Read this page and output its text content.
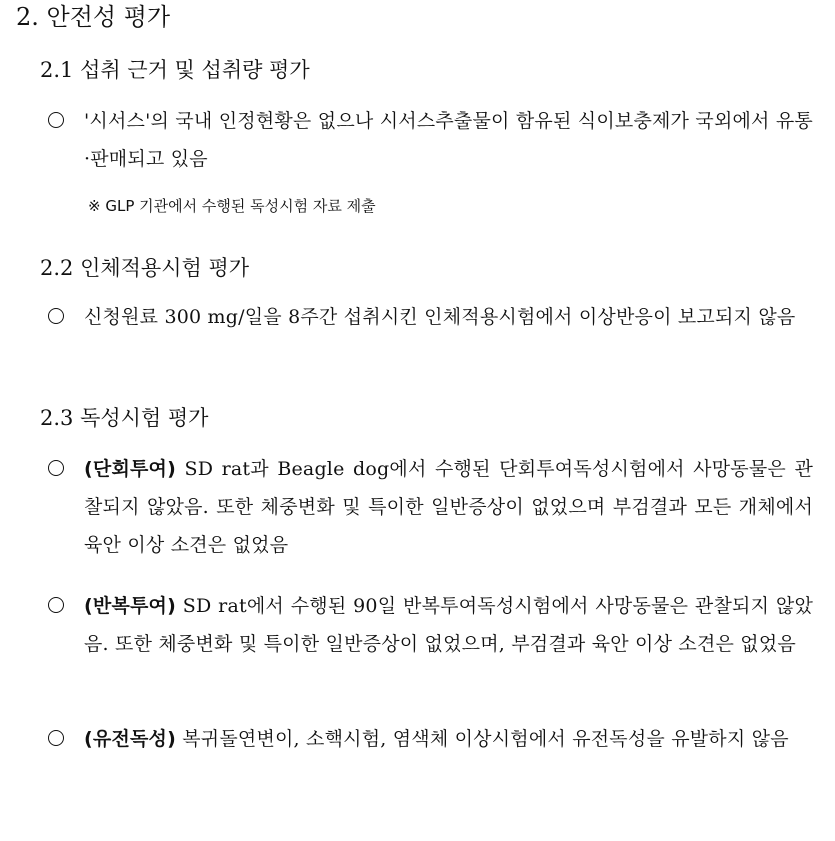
2. 안전성 평가
2.1 섭취 근거 및 섭취량 평가
'시서스'의 국내 인정현황은 없으나 시서스추출물이 함유된 식이보충제가 국외에서 유통·판매되고 있음
※ GLP 기관에서 수행된 독성시험 자료 제출
2.2 인체적용시험 평가
신청원료 300 mg/일을 8주간 섭취시킨 인체적용시험에서 이상반응이 보고되지 않음
2.3 독성시험 평가
(단회투여) SD rat과 Beagle dog에서 수행된 단회투여독성시험에서 사망동물은 관찰되지 않았음. 또한 체중변화 및 특이한 일반증상이 없었으며 부검결과 모든 개체에서 육안 이상 소견은 없었음
(반복투여) SD rat에서 수행된 90일 반복투여독성시험에서 사망동물은 관찰되지 않았음. 또한 체중변화 및 특이한 일반증상이 없었으며, 부검결과 육안 이상 소견은 없었음
(유전독성) 복귀돌연변이, 소핵시험, 염색체 이상시험에서 유전독성을 유발하지 않음
